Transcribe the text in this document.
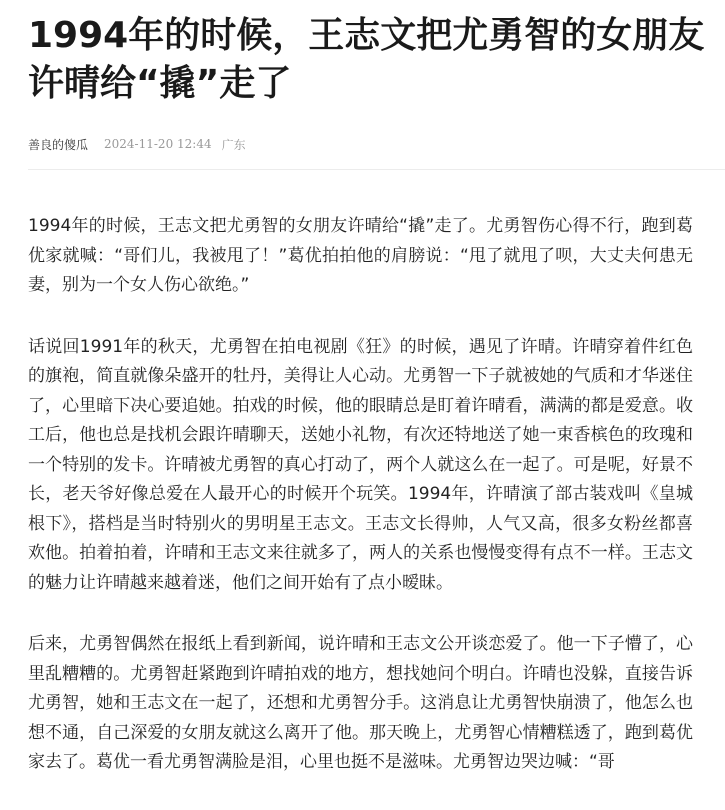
1994年的时候，王志文把尤勇智的女朋友许晴给“撬”走了
善良的傻瓜 2024-11-20 12:44 广东

1994年的时候，王志文把尤勇智的女朋友许晴给“撬”走了。尤勇智伤心得不行，跑到葛优家就喊：“哥们儿，我被甩了！”葛优拍拍他的肩膀说：“甩了就甩了呗，大丈夫何患无妻，别为一个女人伤心欲绝。”

话说回1991年的秋天，尤勇智在拍电视剧《狂》的时候，遇见了许晴。许晴穿着件红色的旗袍，简直就像朵盛开的牡丹，美得让人心动。尤勇智一下子就被她的气质和才华迷住了，心里暗下决心要追她。拍戏的时候，他的眼睛总是盯着许晴看，满满的都是爱意。收工后，他也总是找机会跟许晴聊天，送她小礼物，有次还特地送了她一束香槟色的玫瑰和一个特别的发卡。许晴被尤勇智的真心打动了，两个人就这么在一起了。可是呢，好景不长，老天爷好像总爱在人最开心的时候开个玩笑。1994年，许晴演了部古装戏叫《皇城根下》，搭档是当时特别火的男明星王志文。王志文长得帅，人气又高，很多女粉丝都喜欢他。拍着拍着，许晴和王志文来往就多了，两人的关系也慢慢变得有点不一样。王志文的魅力让许晴越来越着迷，他们之间开始有了点小暧昧。

后来，尤勇智偶然在报纸上看到新闻，说许晴和王志文公开谈恋爱了。他一下子懵了，心里乱糟糟的。尤勇智赶紧跑到许晴拍戏的地方，想找她问个明白。许晴也没躲，直接告诉尤勇智，她和王志文在一起了，还想和尤勇智分手。这消息让尤勇智快崩溃了，他怎么也想不通，自己深爱的女朋友就这么离开了他。那天晚上，尤勇智心情糟糕透了，跑到葛优家去了。葛优一看尤勇智满脸是泪，心里也挺不是滋味。尤勇智边哭边喊：“哥
